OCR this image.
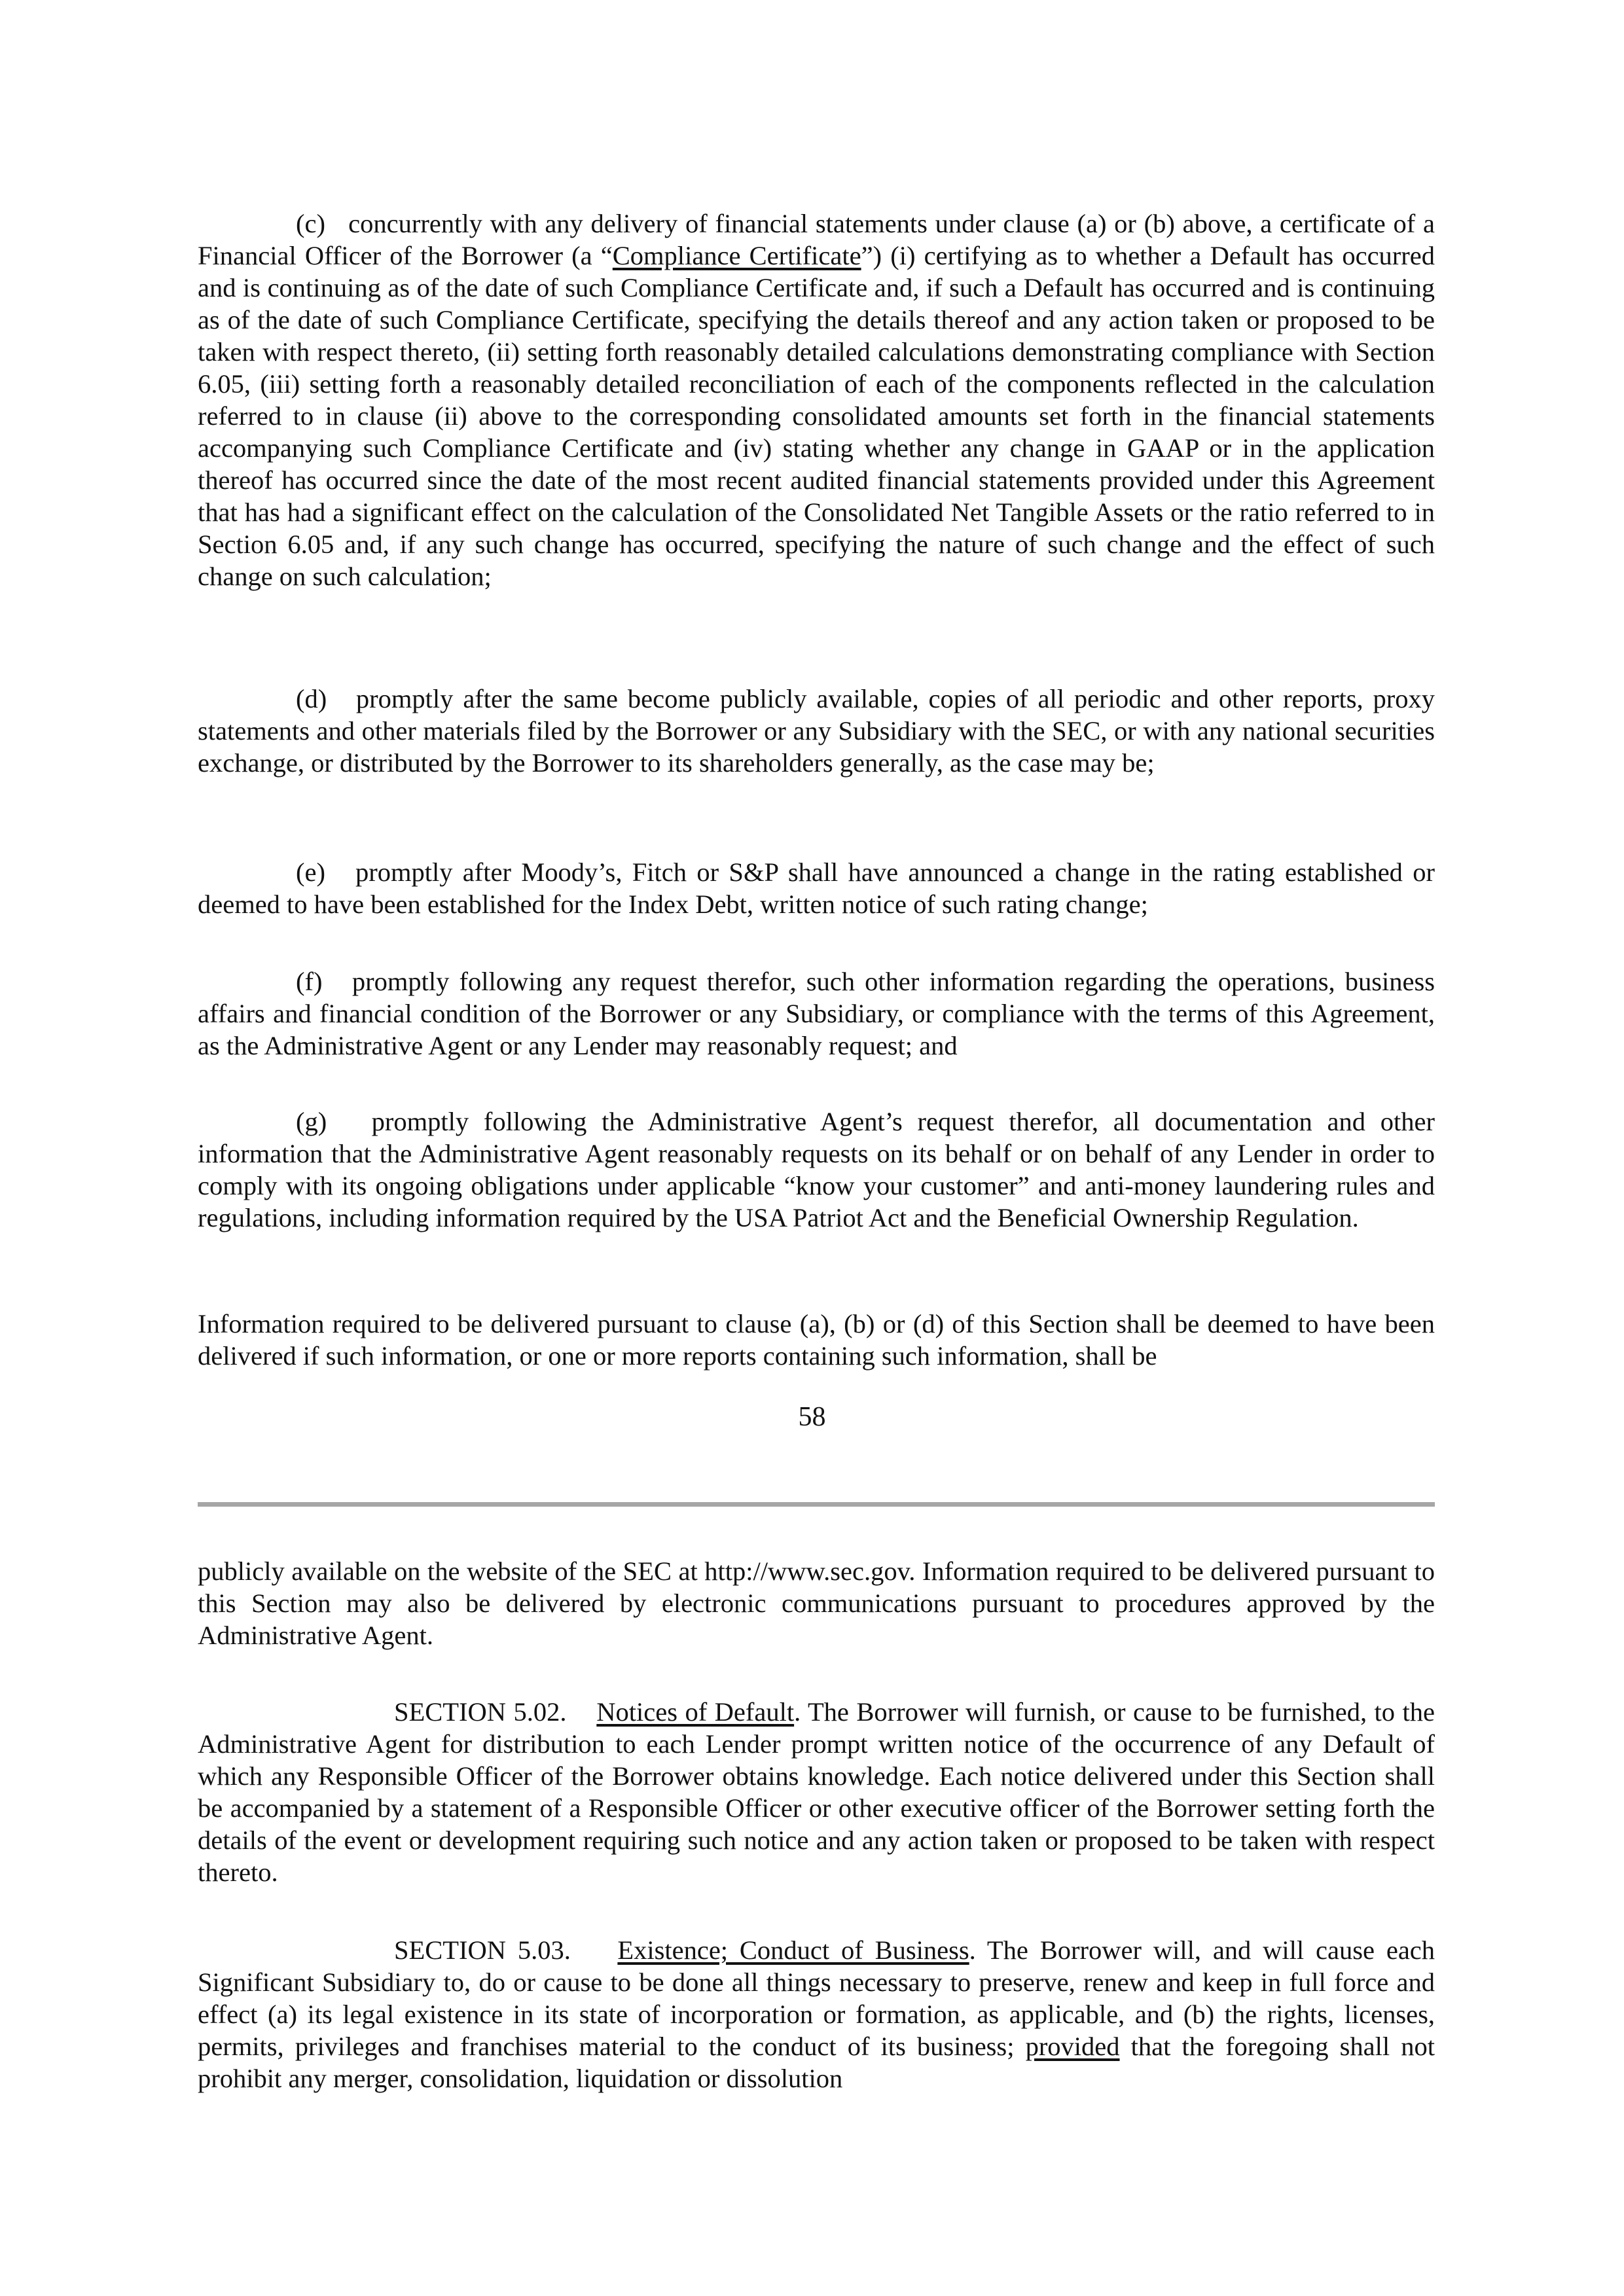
(c)   concurrently with any delivery of financial statements under clause (a) or (b) above, a certificate of a Financial Officer of the Borrower (a “Compliance Certificate”) (i) certifying as to whether a Default has occurred and is continuing as of the date of such Compliance Certificate and, if such a Default has occurred and is continuing as of the date of such Compliance Certificate, specifying the details thereof and any action taken or proposed to be taken with respect thereto, (ii) setting forth reasonably detailed calculations demonstrating compliance with Section 6.05, (iii) setting forth a reasonably detailed reconciliation of each of the components reflected in the calculation referred to in clause (ii) above to the corresponding consolidated amounts set forth in the financial statements accompanying such Compliance Certificate and (iv) stating whether any change in GAAP or in the application thereof has occurred since the date of the most recent audited financial statements provided under this Agreement that has had a significant effect on the calculation of the Consolidated Net Tangible Assets or the ratio referred to in Section 6.05 and, if any such change has occurred, specifying the nature of such change and the effect of such change on such calculation;

(d)   promptly after the same become publicly available, copies of all periodic and other reports, proxy statements and other materials filed by the Borrower or any Subsidiary with the SEC, or with any national securities exchange, or distributed by the Borrower to its shareholders generally, as the case may be;

(e)   promptly after Moody’s, Fitch or S&P shall have announced a change in the rating established or deemed to have been established for the Index Debt, written notice of such rating change;

(f)   promptly following any request therefor, such other information regarding the operations, business affairs and financial condition of the Borrower or any Subsidiary, or compliance with the terms of this Agreement, as the Administrative Agent or any Lender may reasonably request; and

(g)   promptly following the Administrative Agent’s request therefor, all documentation and other information that the Administrative Agent reasonably requests on its behalf or on behalf of any Lender in order to comply with its ongoing obligations under applicable “know your customer” and anti-money laundering rules and regulations, including information required by the USA Patriot Act and the Beneficial Ownership Regulation.

Information required to be delivered pursuant to clause (a), (b) or (d) of this Section shall be deemed to have been delivered if such information, or one or more reports containing such information, shall be

58

publicly available on the website of the SEC at http://www.sec.gov. Information required to be delivered pursuant to this Section may also be delivered by electronic communications pursuant to procedures approved by the Administrative Agent.

SECTION 5.02. Notices of Default. The Borrower will furnish, or cause to be furnished, to the Administrative Agent for distribution to each Lender prompt written notice of the occurrence of any Default of which any Responsible Officer of the Borrower obtains knowledge. Each notice delivered under this Section shall be accompanied by a statement of a Responsible Officer or other executive officer of the Borrower setting forth the details of the event or development requiring such notice and any action taken or proposed to be taken with respect thereto.

SECTION 5.03. Existence; Conduct of Business. The Borrower will, and will cause each Significant Subsidiary to, do or cause to be done all things necessary to preserve, renew and keep in full force and effect (a) its legal existence in its state of incorporation or formation, as applicable, and (b) the rights, licenses, permits, privileges and franchises material to the conduct of its business; provided that the foregoing shall not prohibit any merger, consolidation, liquidation or dissolution
